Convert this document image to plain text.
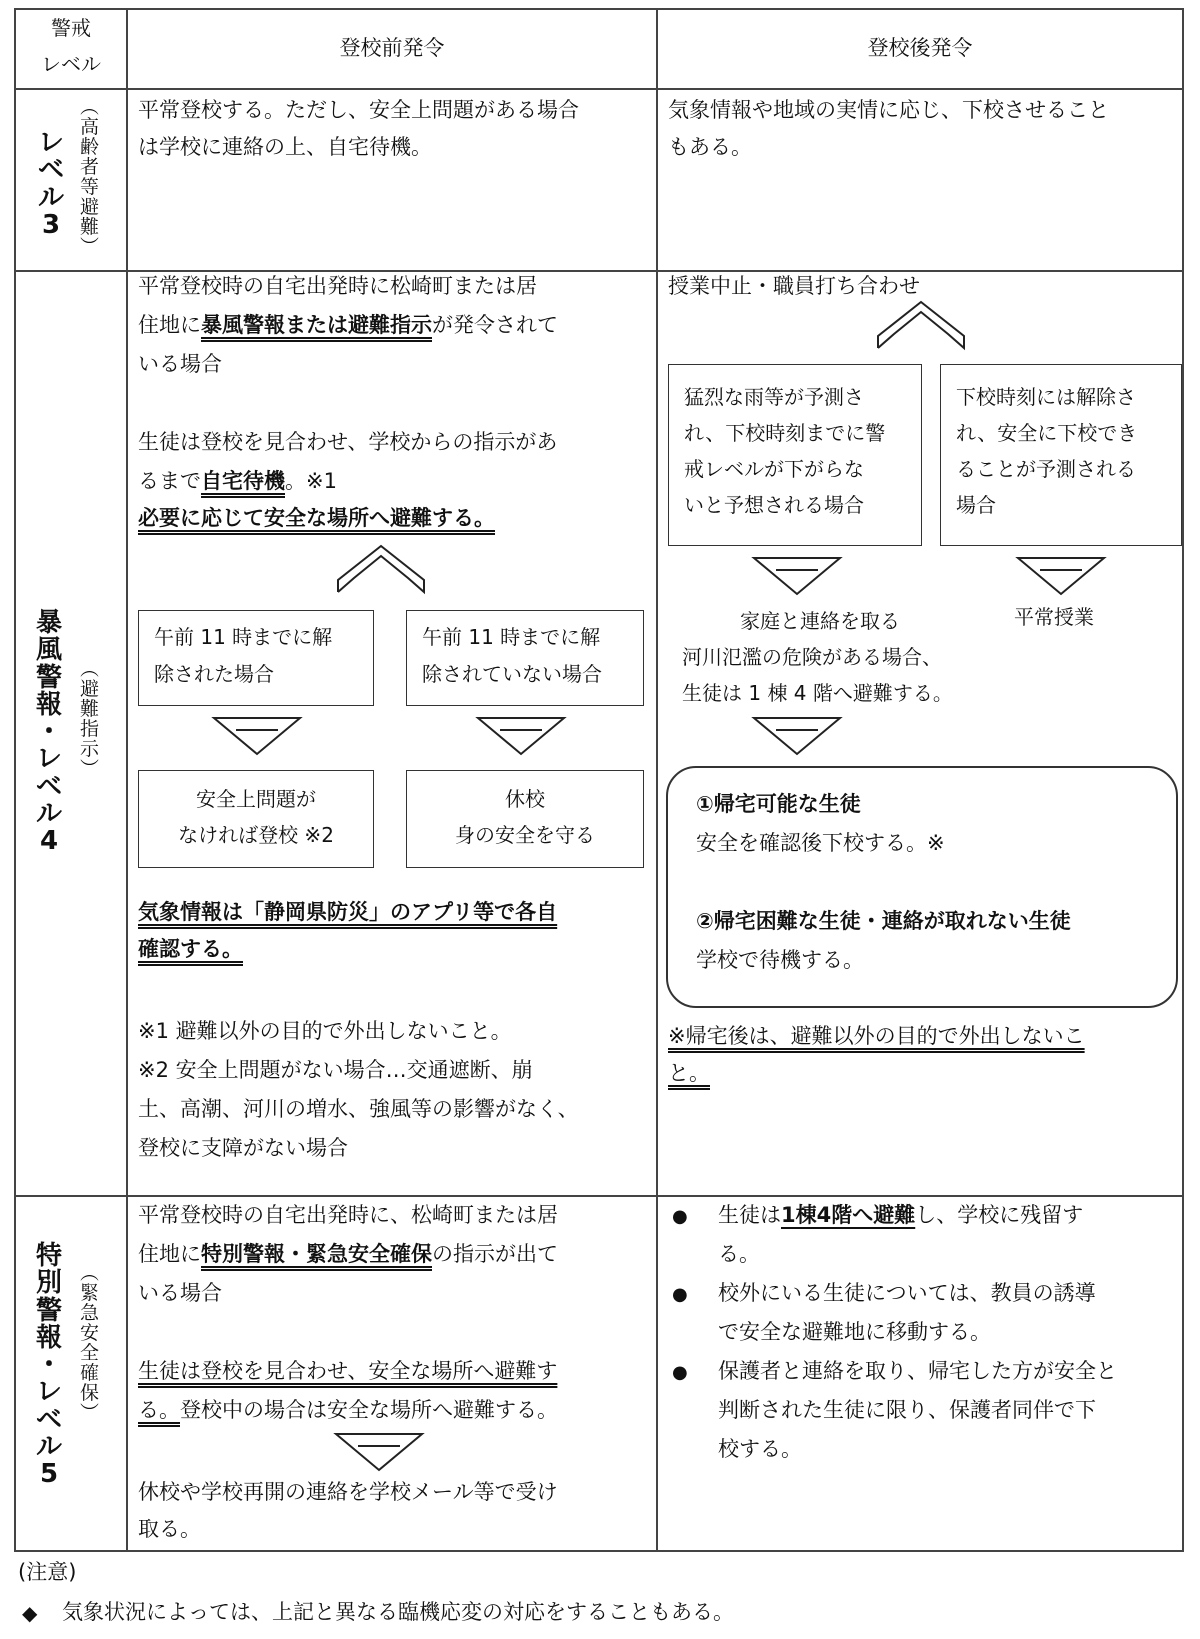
警戒
レベル
登校前発令	登校後発令
レ
ベ
ル
3
︵
高
齢
者
等
避
難
︶
平常登校する。ただし、安全上問題がある場合
は学校に連絡の上、自宅待機。
気象情報や地域の実情に応じ、下校させること
もある。
暴
風
警
報
・
レ
ベ
ル
4
︵
避
難
指
示
︶
平常登校時の自宅出発時に松崎町または居
住地に暴風警報または避難指示が発令されて
いる場合
生徒は登校を見合わせ、学校からの指示があ
るまで自宅待機。※1
必要に応じて安全な場所へ避難する。
午前 11 時までに解
除された場合
午前 11 時までに解
除されていない場合
安全上問題が
なければ登校 ※2
休校
身の安全を守る
気象情報は「静岡県防災」のアプリ等で各自
確認する。
※1 避難以外の目的で外出しないこと。
※2 安全上問題がない場合…交通遮断、崩
土、高潮、河川の増水、強風等の影響がなく、
登校に支障がない場合
授業中止・職員打ち合わせ
猛烈な雨等が予測さ
れ、下校時刻までに警
戒レベルが下がらな
いと予想される場合
下校時刻には解除さ
れ、安全に下校でき
ることが予測される
場合
家庭と連絡を取る
河川氾濫の危険がある場合、
生徒は 1 棟 4 階へ避難する。
平常授業
①帰宅可能な生徒
安全を確認後下校する。※
②帰宅困難な生徒・連絡が取れない生徒
学校で待機する。
※帰宅後は、避難以外の目的で外出しないこ
と。
特
別
警
報
・
レ
ベ
ル
5
︵
緊
急
安
全
確
保
︶
平常登校時の自宅出発時に、松崎町または居
住地に特別警報・緊急安全確保の指示が出て
いる場合
生徒は登校を見合わせ、安全な場所へ避難す
る。登校中の場合は安全な場所へ避難する。
休校や学校再開の連絡を学校メール等で受け
取る。
● 生徒は1棟4階へ避難し、学校に残留す
る。
● 校外にいる生徒については、教員の誘導
で安全な避難地に移動する。
● 保護者と連絡を取り、帰宅した方が安全と
判断された生徒に限り、保護者同伴で下
校する。
(注意)
◆ 気象状況によっては、上記と異なる臨機応変の対応をすることもある。
